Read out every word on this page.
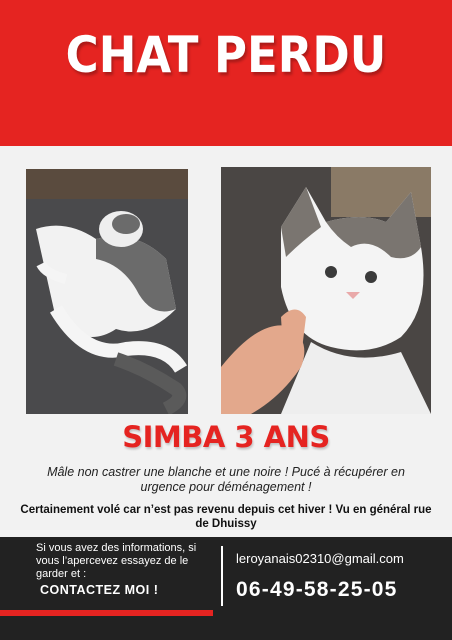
CHAT PERDU
SIMBA 3 ANS
Mâle non castrer une blanche et une noire ! Pucé à récupérer en urgence pour déménagement !
Certainement volé car n’est pas revenu depuis cet hiver ! Vu en général rue de Dhuissy
Si vous avez des informations, si vous l’apercevez essayez de le garder et :
CONTACTEZ MOI !
leroyanais02310@gmail.com
06-49-58-25-05
